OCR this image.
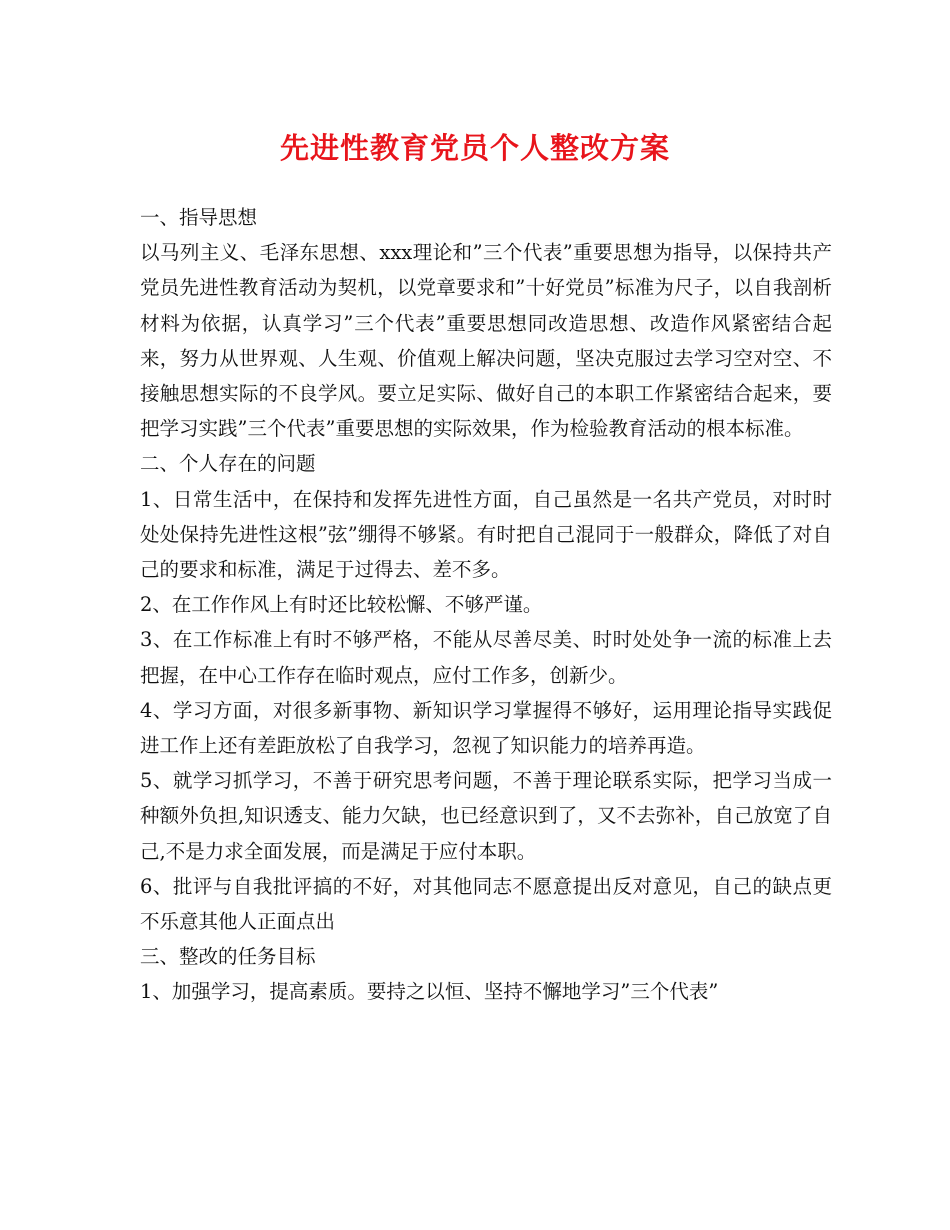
先进性教育党员个人整改方案

一、指导思想

以马列主义、毛泽东思想、xxx理论和”三个代表”重要思想为指导，以保持共产党员先进性教育活动为契机，以党章要求和”十好党员”标准为尺子，以自我剖析材料为依据，认真学习”三个代表”重要思想同改造思想、改造作风紧密结合起来，努力从世界观、人生观、价值观上解决问题，坚决克服过去学习空对空、不接触思想实际的不良学风。要立足实际、做好自己的本职工作紧密结合起来，要把学习实践”三个代表”重要思想的实际效果，作为检验教育活动的根本标准。

二、个人存在的问题

1、日常生活中，在保持和发挥先进性方面，自己虽然是一名共产党员，对时时处处保持先进性这根”弦”绷得不够紧。有时把自己混同于一般群众，降低了对自己的要求和标准，满足于过得去、差不多。

2、在工作作风上有时还比较松懈、不够严谨。

3、在工作标准上有时不够严格，不能从尽善尽美、时时处处争一流的标准上去把握，在中心工作存在临时观点，应付工作多，创新少。

4、学习方面，对很多新事物、新知识学习掌握得不够好，运用理论指导实践促进工作上还有差距放松了自我学习，忽视了知识能力的培养再造。

5、就学习抓学习，不善于研究思考问题，不善于理论联系实际，把学习当成一种额外负担,知识透支、能力欠缺，也已经意识到了，又不去弥补，自己放宽了自己,不是力求全面发展，而是满足于应付本职。

6、批评与自我批评搞的不好，对其他同志不愿意提出反对意见，自己的缺点更不乐意其他人正面点出

三、整改的任务目标

1、加强学习，提高素质。要持之以恒、坚持不懈地学习”三个代表”
